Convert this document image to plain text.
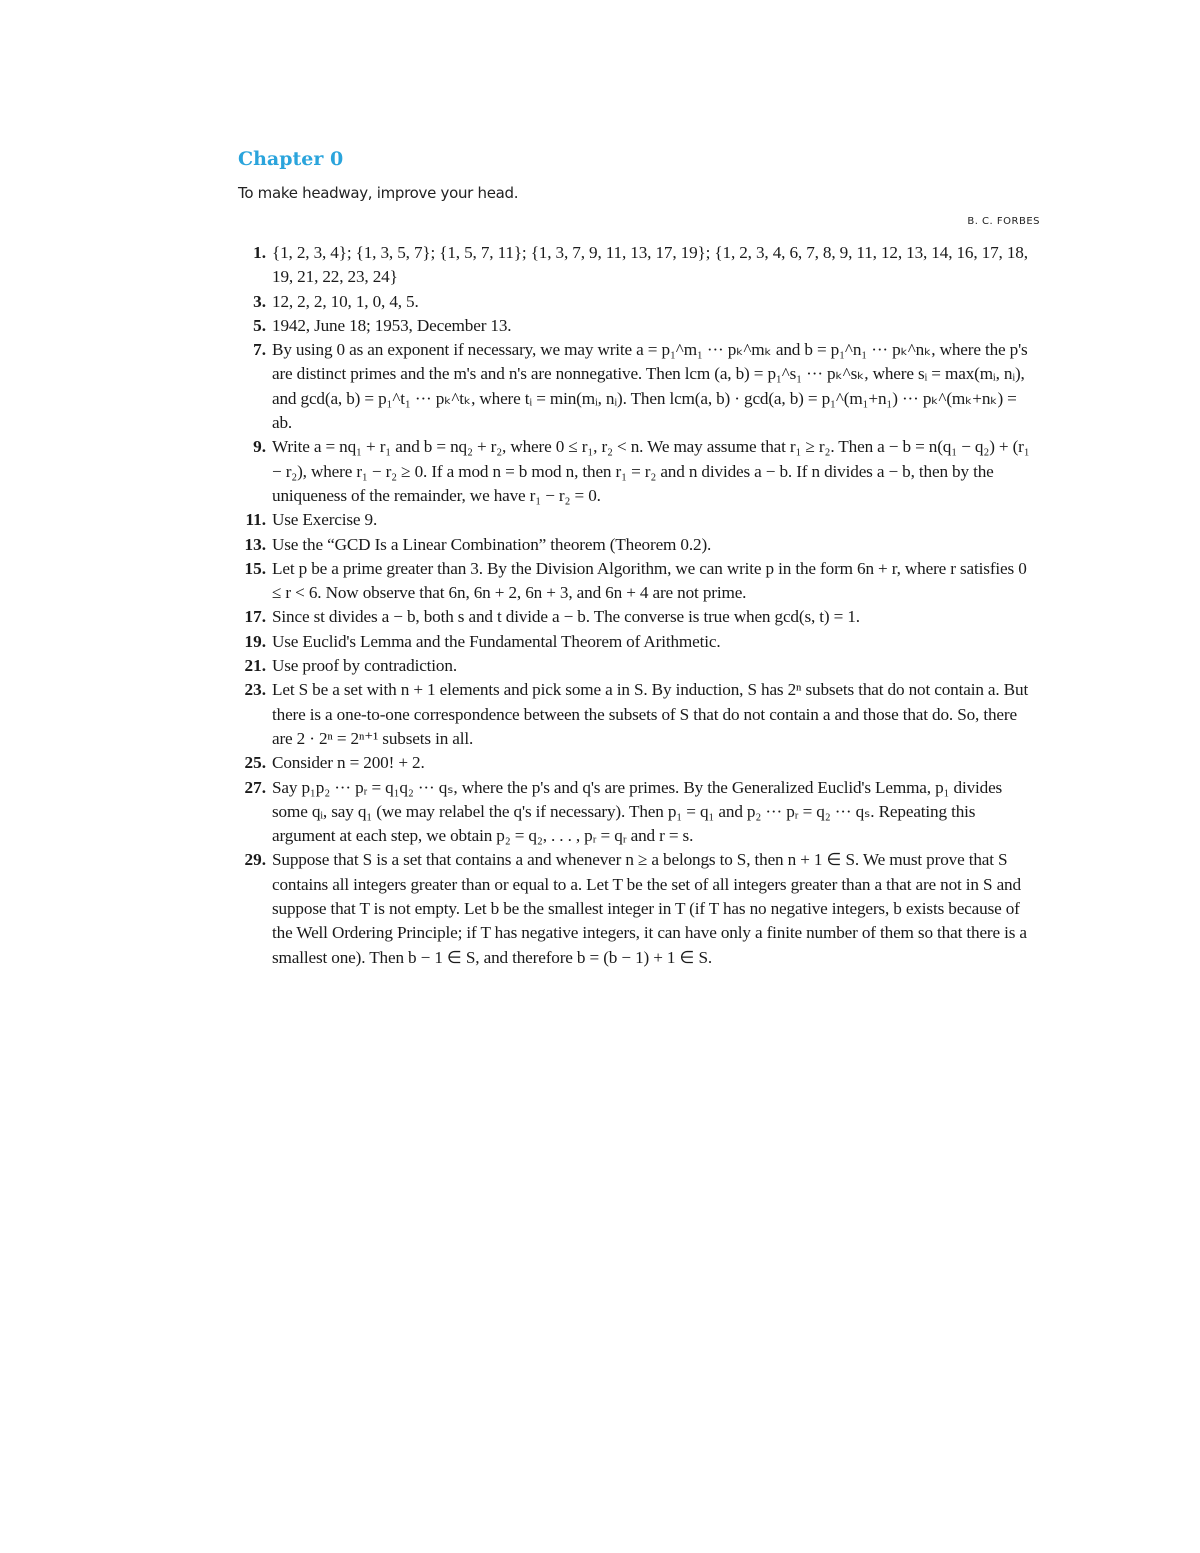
Chapter 0
To make headway, improve your head.
B. C. FORBES
1. {1, 2, 3, 4}; {1, 3, 5, 7}; {1, 5, 7, 11}; {1, 3, 7, 9, 11, 13, 17, 19}; {1, 2, 3, 4, 6, 7, 8, 9, 11, 12, 13, 14, 16, 17, 18, 19, 21, 22, 23, 24}
3. 12, 2, 2, 10, 1, 0, 4, 5.
5. 1942, June 18; 1953, December 13.
7. By using 0 as an exponent if necessary, we may write a = p₁^m₁ ··· pₖ^mₖ and b = p₁^n₁ ··· pₖ^nₖ, where the p's are distinct primes and the m's and n's are nonnegative. Then lcm (a, b) = p₁^s₁ ··· pₖ^sₖ, where sᵢ = max(mᵢ, nᵢ), and gcd(a, b) = p₁^t₁ ··· pₖ^tₖ, where tᵢ = min(mᵢ, nᵢ). Then lcm(a, b) · gcd(a, b) = p₁^(m₁+n₁) ··· pₖ^(mₖ+nₖ) = ab.
9. Write a = nq₁ + r₁ and b = nq₂ + r₂, where 0 ≤ r₁, r₂ < n. We may assume that r₁ ≥ r₂. Then a − b = n(q₁ − q₂) + (r₁ − r₂), where r₁ − r₂ ≥ 0. If a mod n = b mod n, then r₁ = r₂ and n divides a − b. If n divides a − b, then by the uniqueness of the remainder, we have r₁ − r₂ = 0.
11. Use Exercise 9.
13. Use the “GCD Is a Linear Combination” theorem (Theorem 0.2).
15. Let p be a prime greater than 3. By the Division Algorithm, we can write p in the form 6n + r, where r satisfies 0 ≤ r < 6. Now observe that 6n, 6n + 2, 6n + 3, and 6n + 4 are not prime.
17. Since st divides a − b, both s and t divide a − b. The converse is true when gcd(s, t) = 1.
19. Use Euclid's Lemma and the Fundamental Theorem of Arithmetic.
21. Use proof by contradiction.
23. Let S be a set with n + 1 elements and pick some a in S. By induction, S has 2ⁿ subsets that do not contain a. But there is a one-to-one correspondence between the subsets of S that do not contain a and those that do. So, there are 2 · 2ⁿ = 2ⁿ⁺¹ subsets in all.
25. Consider n = 200! + 2.
27. Say p₁p₂ ··· pᵣ = q₁q₂ ··· qₛ, where the p's and q's are primes. By the Generalized Euclid's Lemma, p₁ divides some qᵢ, say q₁ (we may relabel the q's if necessary). Then p₁ = q₁ and p₂ ··· pᵣ = q₂ ··· qₛ. Repeating this argument at each step, we obtain p₂ = q₂, . . . , pᵣ = qᵣ and r = s.
29. Suppose that S is a set that contains a and whenever n ≥ a belongs to S, then n + 1 ∈ S. We must prove that S contains all integers greater than or equal to a. Let T be the set of all integers greater than a that are not in S and suppose that T is not empty. Let b be the smallest integer in T (if T has no negative integers, b exists because of the Well Ordering Principle; if T has negative integers, it can have only a finite number of them so that there is a smallest one). Then b − 1 ∈ S, and therefore b = (b − 1) + 1 ∈ S.
